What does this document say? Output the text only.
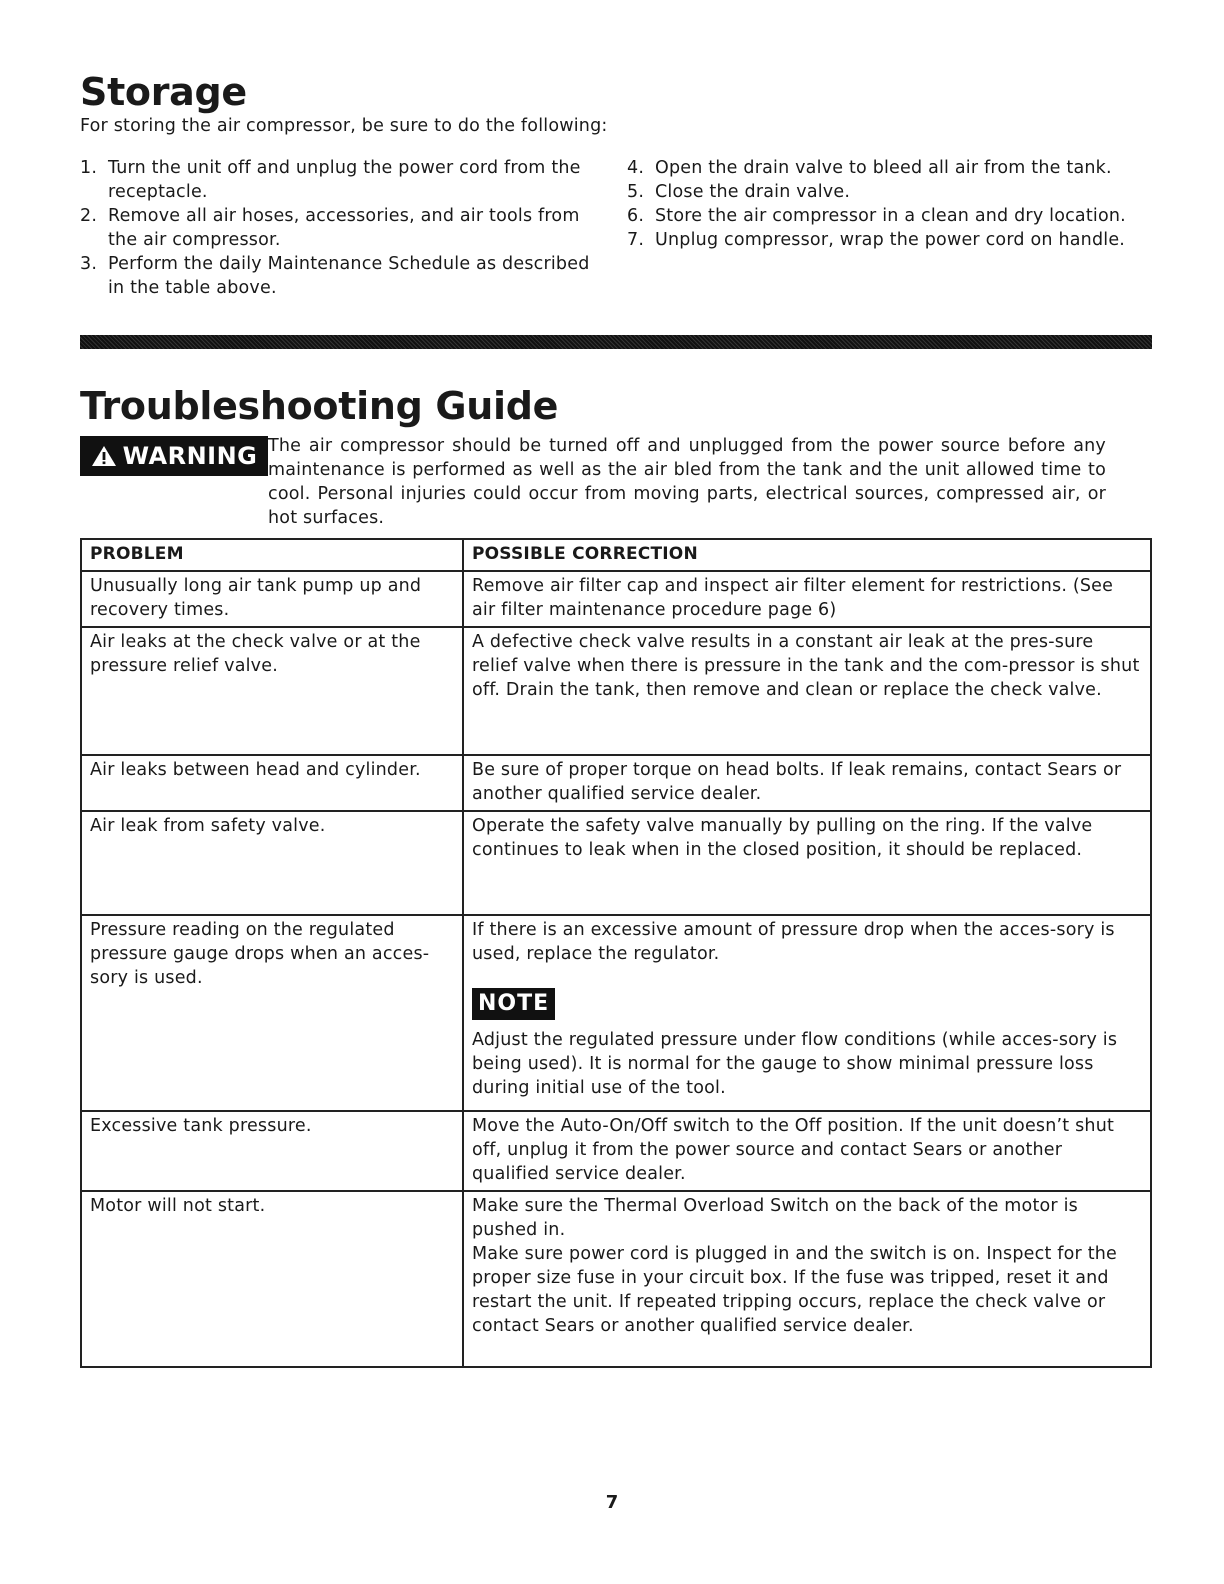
Storage

For storing the air compressor, be sure to do the following:

1. Turn the unit off and unplug the power cord from the receptacle.
2. Remove all air hoses, accessories, and air tools from the air compressor.
3. Perform the daily Maintenance Schedule as described in the table above.
4. Open the drain valve to bleed all air from the tank.
5. Close the drain valve.
6. Store the air compressor in a clean and dry location.
7. Unplug compressor, wrap the power cord on handle.
Troubleshooting Guide
WARNING The air compressor should be turned off and unplugged from the power source before any maintenance is performed as well as the air bled from the tank and the unit allowed time to cool. Personal injuries could occur from moving parts, electrical sources, compressed air, or hot surfaces.

PROBLEM	POSSIBLE CORRECTION
Unusually long air tank pump up and recovery times.	Remove air filter cap and inspect air filter element for restrictions. (See air filter maintenance procedure page 6)
Air leaks at the check valve or at the pressure relief valve.	A defective check valve results in a constant air leak at the pres-sure relief valve when there is pressure in the tank and the com-pressor is shut off. Drain the tank, then remove and clean or replace the check valve.
Air leaks between head and cylinder.	Be sure of proper torque on head bolts. If leak remains, contact Sears or another qualified service dealer.
Air leak from safety valve.	Operate the safety valve manually by pulling on the ring. If the valve continues to leak when in the closed position, it should be replaced.
Pressure reading on the regulated pressure gauge drops when an acces-sory is used.	If there is an excessive amount of pressure drop when the acces-sory is used, replace the regulator.
NOTE
Adjust the regulated pressure under flow conditions (while acces-sory is being used). It is normal for the gauge to show minimal pressure loss during initial use of the tool.

Excessive tank pressure.	Move the Auto-On/Off switch to the Off position. If the unit doesn’t shut off, unplug it from the power source and contact Sears or another qualified service dealer.
Motor will not start.	Make sure the Thermal Overload Switch on the back of the motor is pushed in.
Make sure power cord is plugged in and the switch is on. Inspect for the proper size fuse in your circuit box. If the fuse was tripped, reset it and restart the unit. If repeated tripping occurs, replace the check valve or contact Sears or another qualified service dealer.
7
